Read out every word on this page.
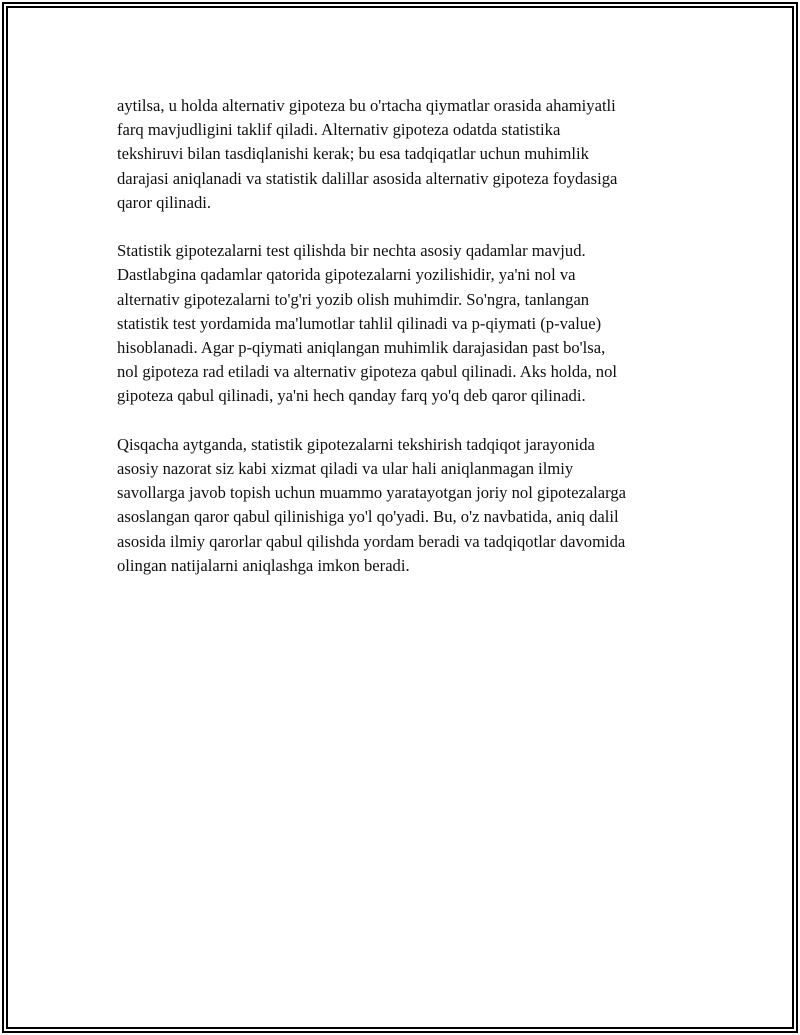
aytilsa, u holda alternativ gipoteza bu o'rtacha qiymatlar orasida ahamiyatli
farq mavjudligini taklif qiladi. Alternativ gipoteza odatda statistika
tekshiruvi bilan tasdiqlanishi kerak; bu esa tadqiqatlar uchun muhimlik
darajasi aniqlanadi va statistik dalillar asosida alternativ gipoteza foydasiga
qaror qilinadi.

Statistik gipotezalarni test qilishda bir nechta asosiy qadamlar mavjud.
Dastlabgina qadamlar qatorida gipotezalarni yozilishidir, ya'ni nol va
alternativ gipotezalarni to'g'ri yozib olish muhimdir. So'ngra, tanlangan
statistik test yordamida ma'lumotlar tahlil qilinadi va p-qiymati (p-value)
hisoblanadi. Agar p-qiymati aniqlangan muhimlik darajasidan past bo'lsa,
nol gipoteza rad etiladi va alternativ gipoteza qabul qilinadi. Aks holda, nol
gipoteza qabul qilinadi, ya'ni hech qanday farq yo'q deb qaror qilinadi.

Qisqacha aytganda, statistik gipotezalarni tekshirish tadqiqot jarayonida
asosiy nazorat siz kabi xizmat qiladi va ular hali aniqlanmagan ilmiy
savollarga javob topish uchun muammo yaratayotgan joriy nol gipotezalarga
asoslangan qaror qabul qilinishiga yo'l qo'yadi. Bu, o'z navbatida, aniq dalil
asosida ilmiy qarorlar qabul qilishda yordam beradi va tadqiqotlar davomida
olingan natijalarni aniqlashga imkon beradi.
